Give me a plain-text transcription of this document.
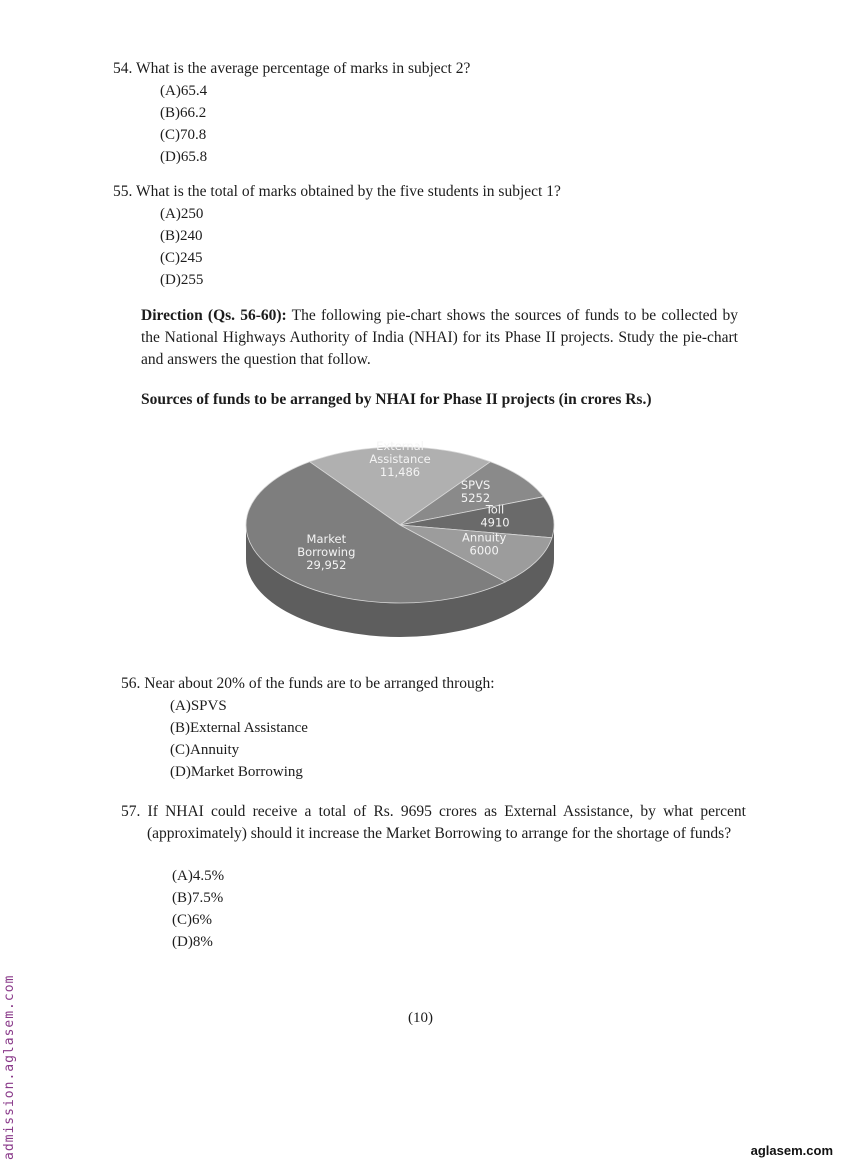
54. What is the average percentage of marks in subject 2?
(A)65.4
(B)66.2
(C)70.8
(D)65.8
55. What is the total of marks obtained by the five students in subject 1?
(A)250
(B)240
(C)245
(D)255
Direction (Qs. 56-60): The following pie-chart shows the sources of funds to be collected by the National Highways Authority of India (NHAI) for its Phase II projects. Study the pie-chart and answers the question that follow.
Sources of funds to be arranged by NHAI for Phase II projects (in crores Rs.)
External Assistance 11,486
SPVS 5252
Toll 4910
Annuity 6000
Market Borrowing 29,952
56. Near about 20% of the funds are to be arranged through:
(A)SPVS
(B)External Assistance
(C)Annuity
(D)Market Borrowing
57. If NHAI could receive a total of Rs. 9695 crores as External Assistance, by what percent (approximately) should it increase the Market Borrowing to arrange for the shortage of funds?
(A)4.5%
(B)7.5%
(C)6%
(D)8%
(10)
admission.aglasem.com	aglasem.com
